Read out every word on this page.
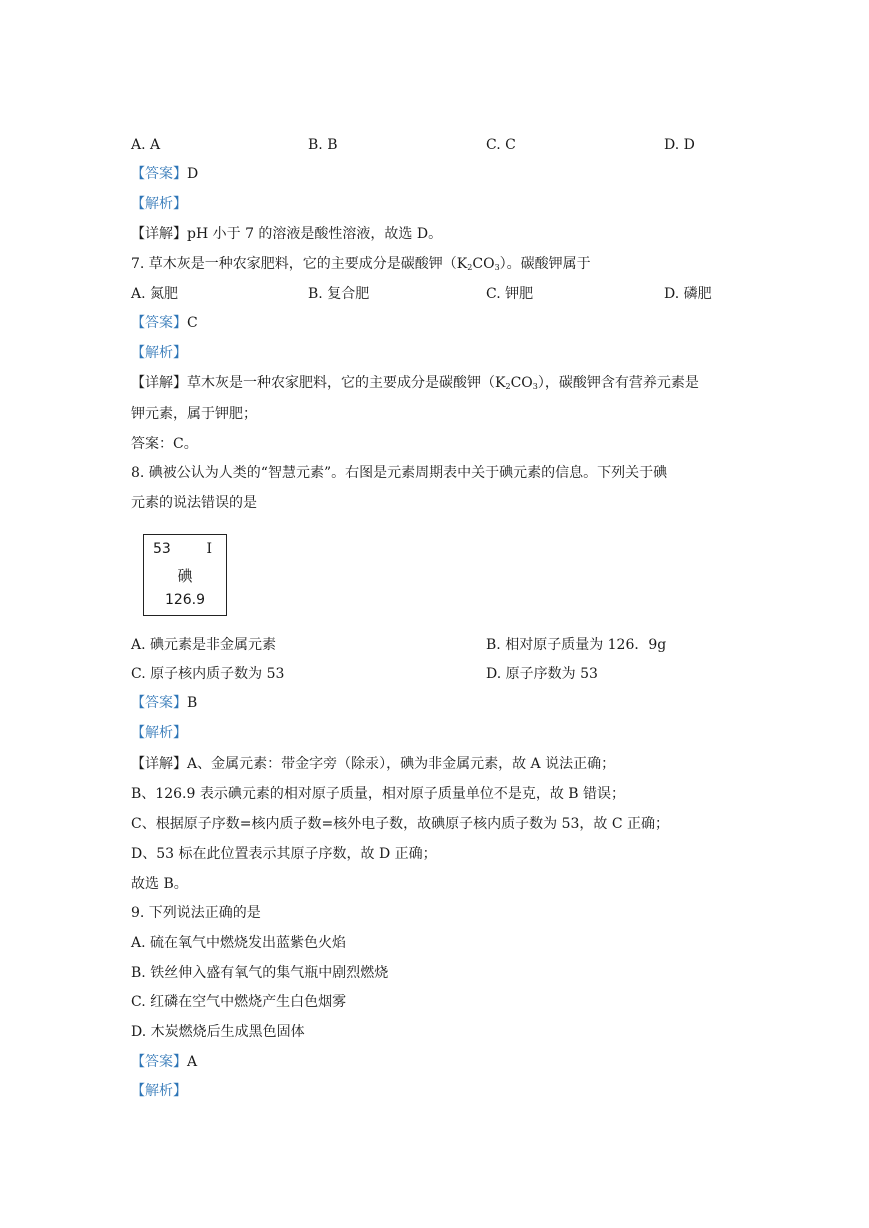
A. A	B. B	C. C	D. D
【答案】D
【解析】
【详解】pH 小于 7 的溶液是酸性溶液，故选 D。
7. 草木灰是一种农家肥料，它的主要成分是碳酸钾$(K_2CO_3)$。碳酸钾属于
A. 氮肥	B. 复合肥	C. 钾肥	D. 磷肥
【答案】C
【解析】
【详解】草木灰是一种农家肥料，它的主要成分是碳酸钾$(K_2CO_3)$，碳酸钾含有营养元素是
钾元素，属于钾肥；
答案：C。
8. 碘被公认为人类的“智慧元素”。右图是元素周期表中关于碘元素的信息。下列关于碘
元素的说法错误的是
53	I
碘
126.9
A. 碘元素是非金属元素	B. 相对原子质量为 126．9g
C. 原子核内质子数为 53	D. 原子序数为 53
【答案】B
【解析】
【详解】A、金属元素：带金字旁（除汞），碘为非金属元素，故 A 说法正确；
B、126.9 表示碘元素的相对原子质量，相对原子质量单位不是克，故 B 错误；
C、根据原子序数=核内质子数=核外电子数，故碘原子核内质子数为 53，故 C 正确；
D、53 标在此位置表示其原子序数，故 D 正确；
故选 B。
9. 下列说法正确的是
A. 硫在氧气中燃烧发出蓝紫色火焰
B. 铁丝伸入盛有氧气的集气瓶中剧烈燃烧
C. 红磷在空气中燃烧产生白色烟雾
D. 木炭燃烧后生成黑色固体
【答案】A
【解析】
